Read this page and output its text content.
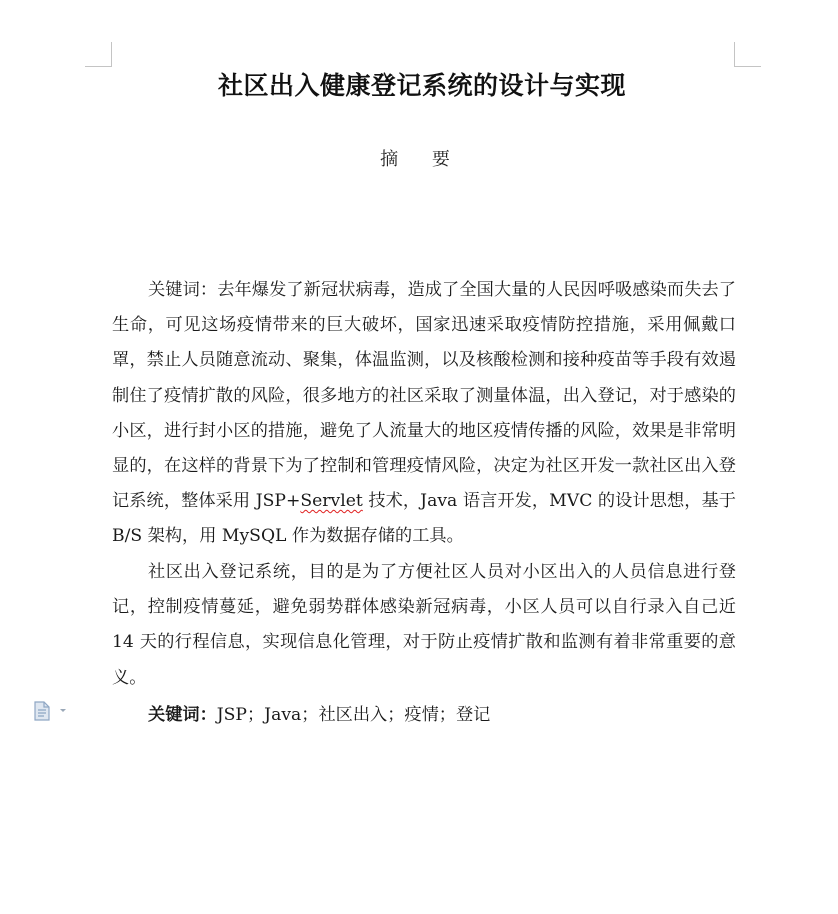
社区出入健康登记系统的设计与实现
摘 要

关键词：去年爆发了新冠状病毒，造成了全国大量的人民因呼吸感染而失去了生命，可见这场疫情带来的巨大破坏，国家迅速采取疫情防控措施，采用佩戴口罩，禁止人员随意流动、聚集，体温监测，以及核酸检测和接种疫苗等手段有效遏制住了疫情扩散的风险，很多地方的社区采取了测量体温，出入登记，对于感染的小区，进行封小区的措施，避免了人流量大的地区疫情传播的风险，效果是非常明显的，在这样的背景下为了控制和管理疫情风险，决定为社区开发一款社区出入登记系统，整体采用 JSP+Servlet 技术，Java 语言开发，MVC 的设计思想，基于 B/S 架构，用 MySQL 作为数据存储的工具。

社区出入登记系统，目的是为了方便社区人员对小区出入的人员信息进行登记，控制疫情蔓延，避免弱势群体感染新冠病毒，小区人员可以自行录入自己近 14 天的行程信息，实现信息化管理，对于防止疫情扩散和监测有着非常重要的意义。

关键词：JSP；Java；社区出入；疫情；登记
